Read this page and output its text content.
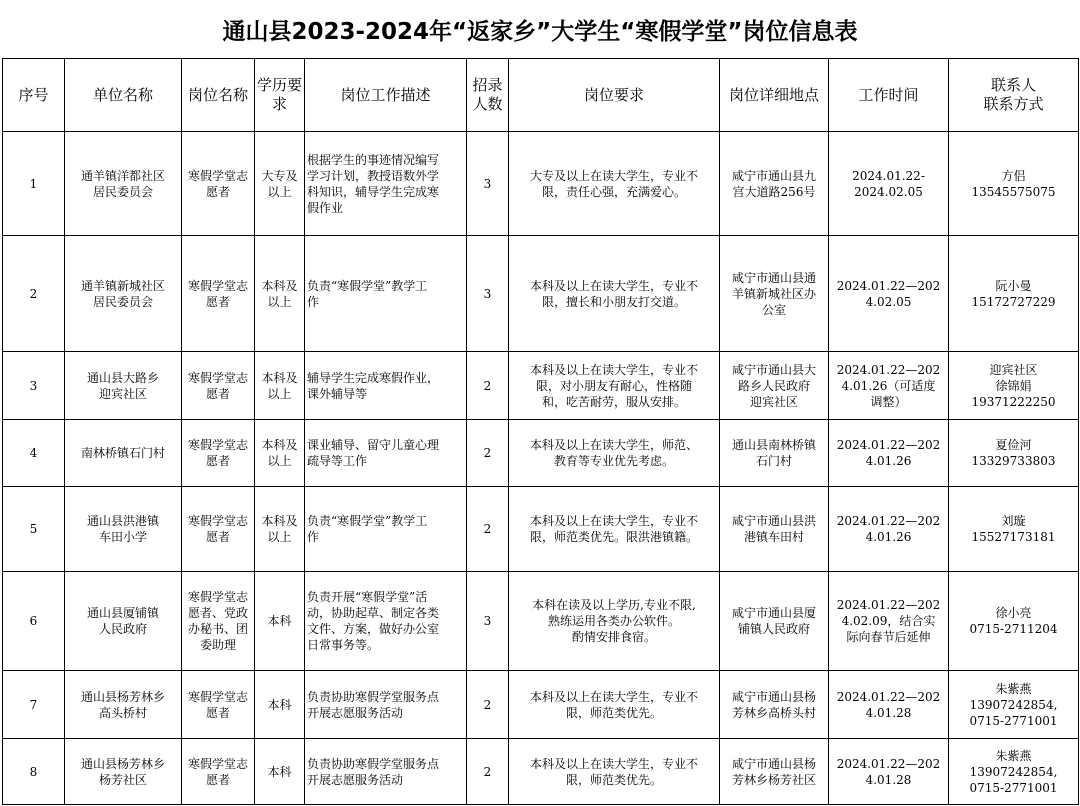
通山县2023-2024年“返家乡”大学生“寒假学堂”岗位信息表
序号	单位名称	岗位名称	学历要求	岗位工作描述	招录人数	岗位要求	岗位详细地点	工作时间	联系人
联系方式
1	通羊镇洋都社区
居民委员会	寒假学堂志
愿者	大专及
以上	根据学生的事迹情况编写
学习计划，教授语数外学
科知识，辅导学生完成寒
假作业	3	大专及以上在读大学生，专业不
限，责任心强，充满爱心。	咸宁市通山县九
宫大道路256号	2024.01.22-
2024.02.05	方侣
13545575075
2	通羊镇新城社区
居民委员会	寒假学堂志
愿者	本科及
以上	负责“寒假学堂”教学工
作	3	本科及以上在读大学生，专业不
限，擅长和小朋友打交道。	咸宁市通山县通
羊镇新城社区办
公室	2024.01.22—202
4.02.05	阮小曼
15172727229
3	通山县大路乡
迎宾社区	寒假学堂志
愿者	本科及
以上	辅导学生完成寒假作业，
课外辅导等	2	本科及以上在读大学生，专业不
限，对小朋友有耐心，性格随
和，吃苦耐劳，服从安排。	咸宁市通山县大
路乡人民政府
迎宾社区	2024.01.22—202
4.01.26（可适度
调整）	迎宾社区
徐锦娟
19371222250
4	南林桥镇石门村	寒假学堂志
愿者	本科及
以上	课业辅导、留守儿童心理
疏导等工作	2	本科及以上在读大学生，师范、
教育等专业优先考虑。	通山县南林桥镇
石门村	2024.01.22—202
4.01.26	夏俭河
13329733803
5	通山县洪港镇
车田小学	寒假学堂志
愿者	本科及
以上	负责“寒假学堂”教学工
作	2	本科及以上在读大学生，专业不
限，师范类优先。限洪港镇籍。	咸宁市通山县洪
港镇车田村	2024.01.22—202
4.01.26	刘璇
15527173181
6	通山县厦铺镇
人民政府	寒假学堂志
愿者、党政
办秘书、团
委助理	本科	负责开展“寒假学堂”活
动，协助起草、制定各类
文件、方案，做好办公室
日常事务等。	3	本科在读及以上学历,专业不限,
熟练运用各类办公软件。
酌情安排食宿。	咸宁市通山县厦
铺镇人民政府	2024.01.22—202
4.02.09，结合实
际向春节后延伸	徐小亮
0715-2711204
7	通山县杨芳林乡
高头桥村	寒假学堂志
愿者	本科	负责协助寒假学堂服务点
开展志愿服务活动	2	本科及以上在读大学生，专业不
限，师范类优先。	咸宁市通山县杨
芳林乡高桥头村	2024.01.22—202
4.01.28	朱紫燕
13907242854,
0715-2771001
8	通山县杨芳林乡
杨芳社区	寒假学堂志
愿者	本科	负责协助寒假学堂服务点
开展志愿服务活动	2	本科及以上在读大学生，专业不
限，师范类优先。	咸宁市通山县杨
芳林乡杨芳社区	2024.01.22—202
4.01.28	朱紫燕
13907242854,
0715-2771001
